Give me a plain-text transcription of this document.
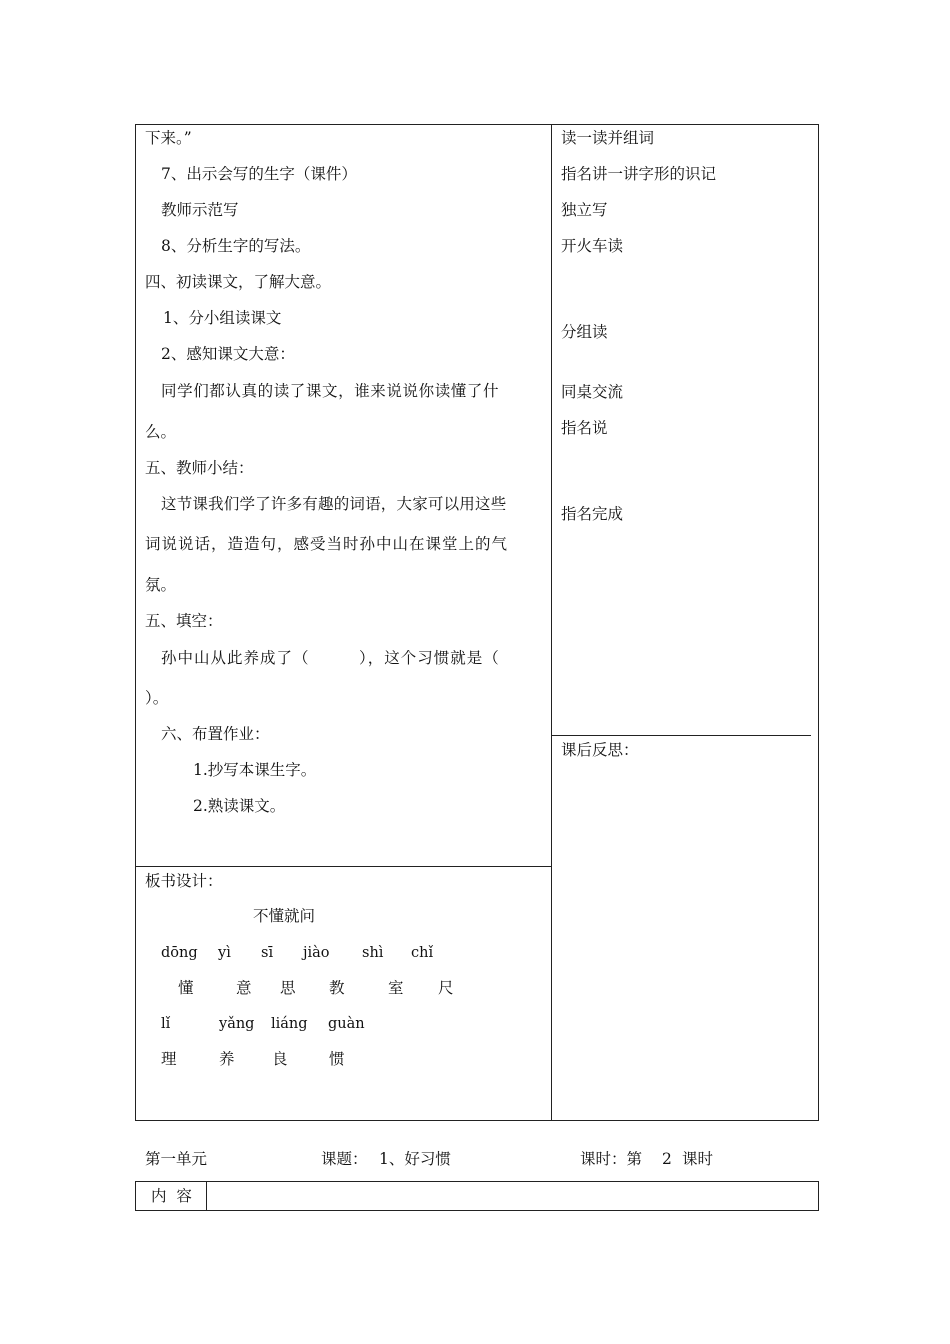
下来。”
7、出示会写的生字（课件）
教师示范写
8、分析生字的写法。
四、初读课文，了解大意。
1、分小组读课文
2、感知课文大意：
同学们都认真的读了课文，谁来说说你读懂了什
么。
五、教师小结：
这节课我们学了许多有趣的词语，大家可以用这些
词说说话，造造句，感受当时孙中山在课堂上的气
氛。
五、填空：
孙中山从此养成了（　　　），这个习惯就是（
）。
六、布置作业：
1.抄写本课生字。
2.熟读课文。
读一读并组词
指名讲一讲字形的识记
独立写
开火车读
分组读
同桌交流
指名说
指名完成
课后反思：
板书设计：
不懂就问
dōng yì sī jiào shì chǐ
懂	意 思 教	室 尺
lǐ	yǎng liáng guàn
理	养 良	惯
第一单元	课题： 1、好习惯	课时：第 2 课时
内  容
